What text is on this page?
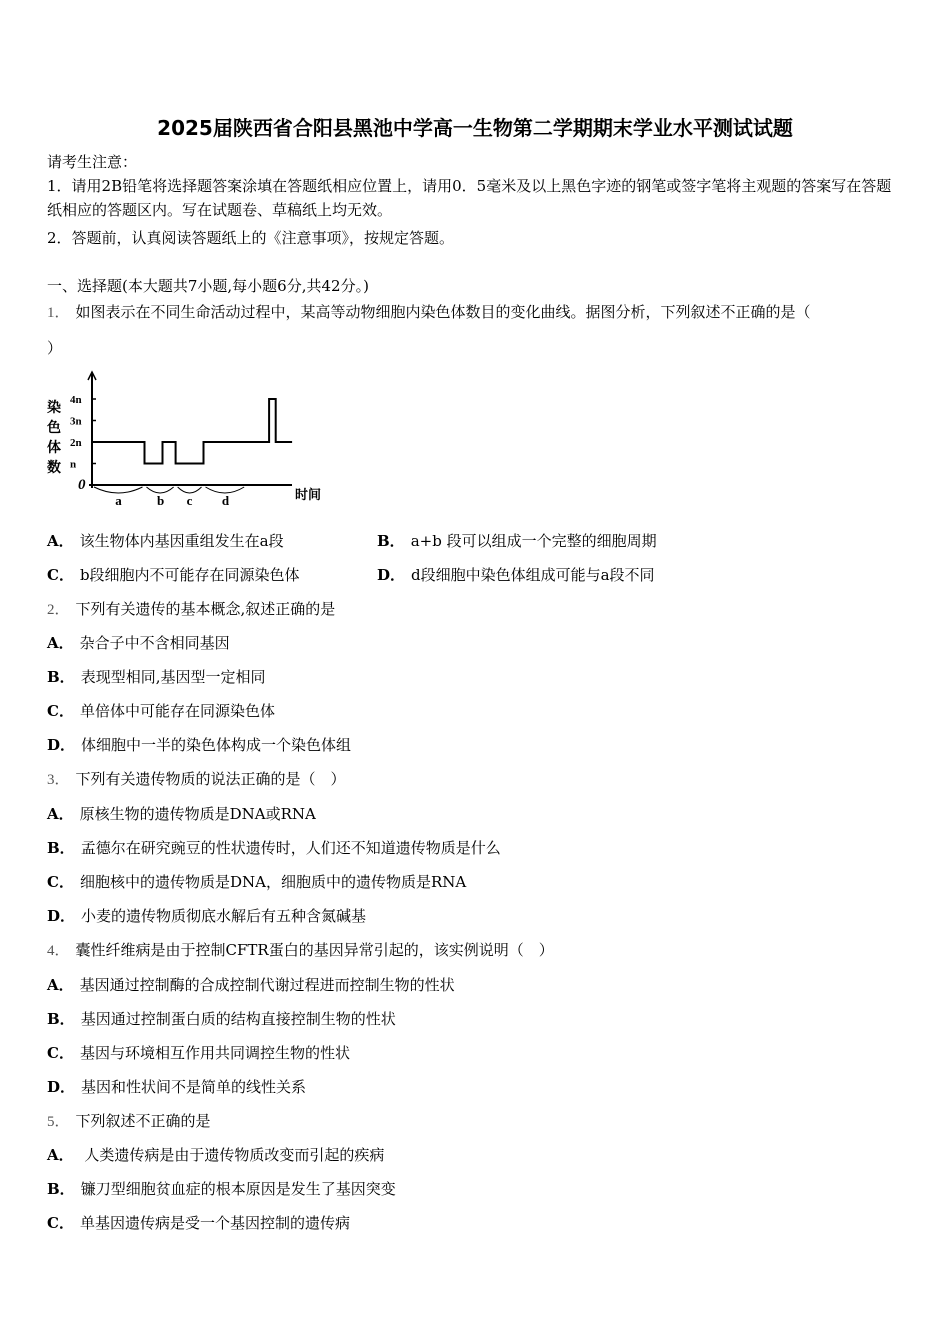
2025届陕西省合阳县黑池中学高一生物第二学期期末学业水平测试试题
请考生注意：
1．请用2B铅笔将选择题答案涂填在答题纸相应位置上，请用0．5毫米及以上黑色字迹的钢笔或签字笔将主观题的答案写在答题纸相应的答题区内。写在试题卷、草稿纸上均无效。
2．答题前，认真阅读答题纸上的《注意事项》，按规定答题。
一、选择题(本大题共7小题,每小题6分,共42分。)
1． 如图表示在不同生命活动过程中，某高等动物细胞内染色体数目的变化曲线。据图分析，下列叙述不正确的是（
）
染
色
体
数
时间
4n
3n
2n
n
0
a	b c d
A． 该生物体内基因重组发生在a段	B． a+b 段可以组成一个完整的细胞周期
C． b段细胞内不可能存在同源染色体	D． d段细胞中染色体组成可能与a段不同
2． 下列有关遗传的基本概念,叙述正确的是
A． 杂合子中不含相同基因
B． 表现型相同,基因型一定相同
C． 单倍体中可能存在同源染色体
D． 体细胞中一半的染色体构成一个染色体组
3． 下列有关遗传物质的说法正确的是（　）
A． 原核生物的遗传物质是DNA或RNA
B． 孟德尔在研究豌豆的性状遗传时，人们还不知道遗传物质是什么
C． 细胞核中的遗传物质是DNA，细胞质中的遗传物质是RNA
D． 小麦的遗传物质彻底水解后有五种含氮碱基
4． 囊性纤维病是由于控制CFTR蛋白的基因异常引起的，该实例说明（　）
A． 基因通过控制酶的合成控制代谢过程进而控制生物的性状
B． 基因通过控制蛋白质的结构直接控制生物的性状
C． 基因与环境相互作用共同调控生物的性状
D． 基因和性状间不是简单的线性关系
5． 下列叙述不正确的是
A． 人类遗传病是由于遗传物质改变而引起的疾病
B． 镰刀型细胞贫血症的根本原因是发生了基因突变
C． 单基因遗传病是受一个基因控制的遗传病
